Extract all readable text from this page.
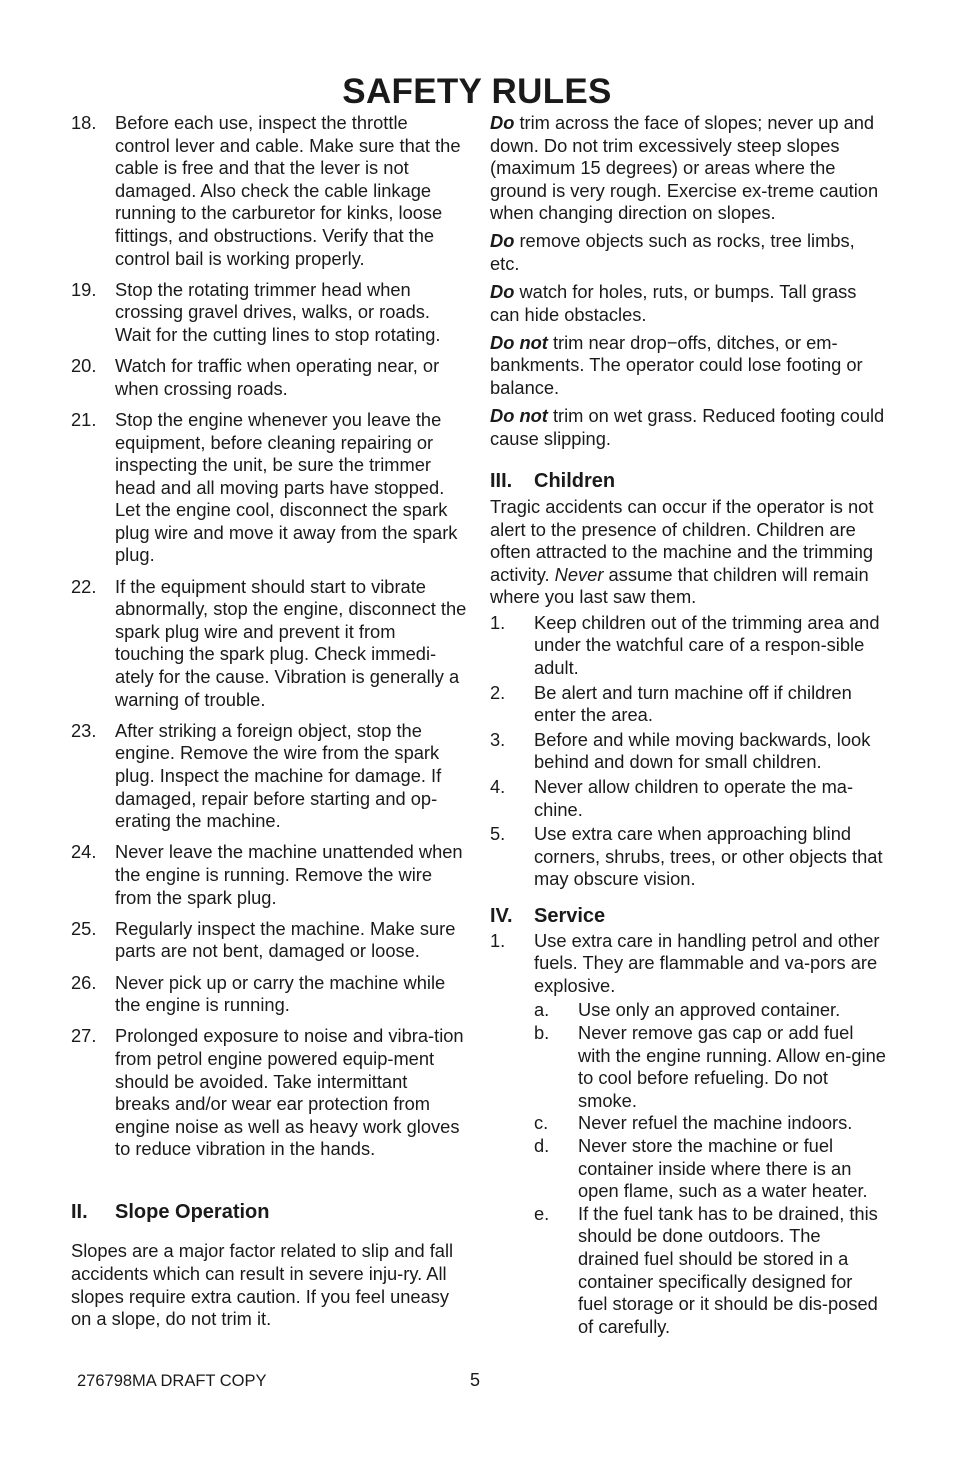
SAFETY RULES
18. Before each use, inspect the throttle control lever and cable. Make sure that the cable is free and that the lever is not damaged. Also check the cable linkage running to the carburetor for kinks, loose fittings, and obstructions. Verify that the control bail is working properly.
19. Stop the rotating trimmer head when crossing gravel drives, walks, or roads. Wait for the cutting lines to stop rotating.
20. Watch for traffic when operating near, or when crossing roads.
21. Stop the engine whenever you leave the equipment, before cleaning repairing or inspecting the unit, be sure the trimmer head and all moving parts have stopped. Let the engine cool, disconnect the spark plug wire and move it away from the spark plug.
22. If the equipment should start to vibrate abnormally, stop the engine, disconnect the spark plug wire and prevent it from touching the spark plug. Check immedi-ately for the cause. Vibration is generally a warning of trouble.
23. After striking a foreign object, stop the engine. Remove the wire from the spark plug. Inspect the machine for damage. If damaged, repair before starting and op-erating the machine.
24. Never leave the machine unattended when the engine is running. Remove the wire from the spark plug.
25. Regularly inspect the machine. Make sure parts are not bent, damaged or loose.
26. Never pick up or carry the machine while the engine is running.
27. Prolonged exposure to noise and vibra-tion from petrol engine powered equip-ment should be avoided. Take intermittant breaks and/or wear ear protection from engine noise as well as heavy work gloves to reduce vibration in the hands.
II. Slope Operation
Slopes are a major factor related to slip and fall accidents which can result in severe inju-ry. All slopes require extra caution. If you feel uneasy on a slope, do not trim it.
Do trim across the face of slopes; never up and down. Do not trim excessively steep slopes (maximum 15 degrees) or areas where the ground is very rough. Exercise ex-treme caution when changing direction on slopes.
Do remove objects such as rocks, tree limbs, etc.
Do watch for holes, ruts, or bumps. Tall grass can hide obstacles.
Do not trim near drop−offs, ditches, or em-bankments. The operator could lose footing or balance.
Do not trim on wet grass. Reduced footing could cause slipping.
III. Children
Tragic accidents can occur if the operator is not alert to the presence of children. Children are often attracted to the machine and the trimming activity. Never assume that children will remain where you last saw them.
1. Keep children out of the trimming area and under the watchful care of a respon-sible adult.
2. Be alert and turn machine off if children enter the area.
3. Before and while moving backwards, look behind and down for small children.
4. Never allow children to operate the ma-chine.
5. Use extra care when approaching blind corners, shrubs, trees, or other objects that may obscure vision.
IV. Service
1. Use extra care in handling petrol and other fuels. They are flammable and va-pors are explosive.
a. Use only an approved container.
b. Never remove gas cap or add fuel with the engine running. Allow en-gine to cool before refueling. Do not smoke.
c. Never refuel the machine indoors.
d. Never store the machine or fuel container inside where there is an open flame, such as a water heater.
e. If the fuel tank has to be drained, this should be done outdoors. The drained fuel should be stored in a container specifically designed for fuel storage or it should be dis-posed of carefully.
276798MA DRAFT COPY	5
